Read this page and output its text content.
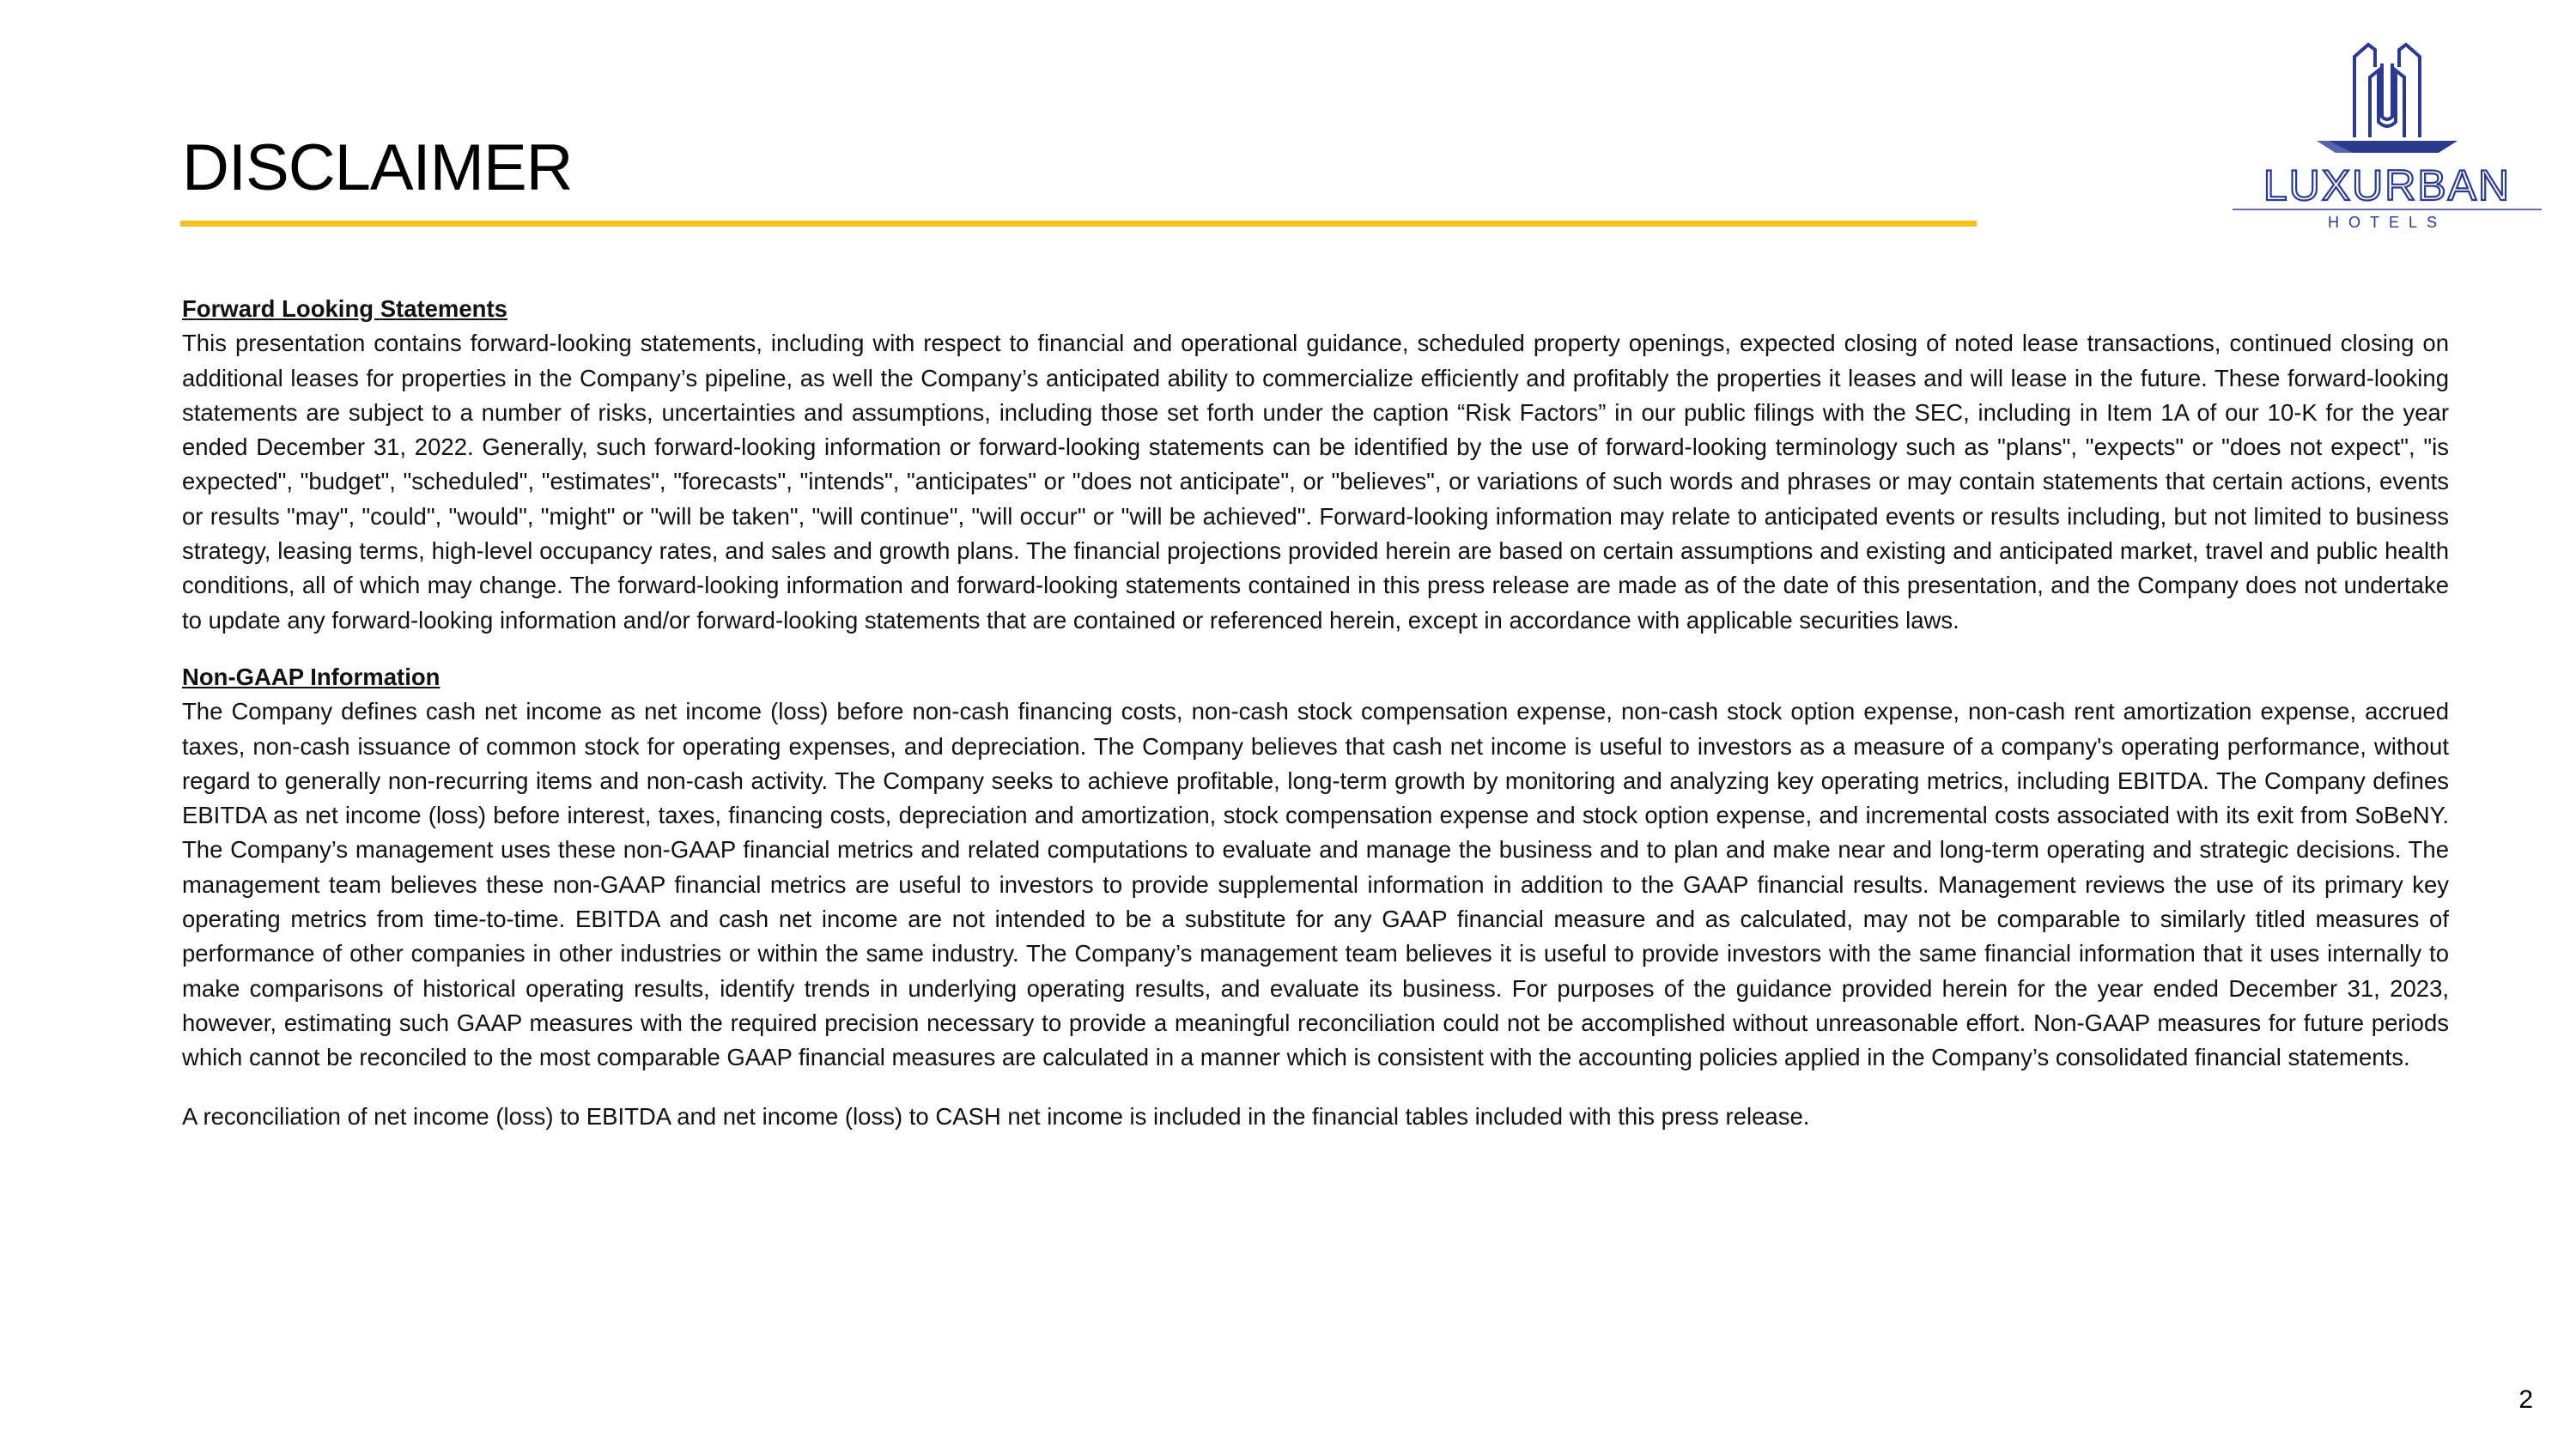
DISCLAIMER	LUXURBAN
HOTELS

Forward Looking Statements

This presentation contains forward-looking statements, including with respect to financial and operational guidance, scheduled property openings, expected closing of noted lease transactions, continued closing on additional leases for properties in the Company’s pipeline, as well the Company’s anticipated ability to commercialize efficiently and profitably the properties it leases and will lease in the future. These forward-looking statements are subject to a number of risks, uncertainties and assumptions, including those set forth under the caption “Risk Factors” in our public filings with the SEC, including in Item 1A of our 10-K for the year ended December 31, 2022. Generally, such forward-looking information or forward-looking statements can be identified by the use of forward-looking terminology such as "plans", "expects" or "does not expect", "is expected", "budget", "scheduled", "estimates", "forecasts", "intends", "anticipates" or "does not anticipate", or "believes", or variations of such words and phrases or may contain statements that certain actions, events or results "may", "could", "would", "might" or "will be taken", "will continue", "will occur" or "will be achieved". Forward-looking information may relate to anticipated events or results including, but not limited to business strategy, leasing terms, high-level occupancy rates, and sales and growth plans. The financial projections provided herein are based on certain assumptions and existing and anticipated market, travel and public health conditions, all of which may change. The forward-looking information and forward-looking statements contained in this press release are made as of the date of this presentation, and the Company does not undertake to update any forward-looking information and/or forward-looking statements that are contained or referenced herein, except in accordance with applicable securities laws.

Non-GAAP Information

The Company defines cash net income as net income (loss) before non-cash financing costs, non-cash stock compensation expense, non-cash stock option expense, non-cash rent amortization expense, accrued taxes, non-cash issuance of common stock for operating expenses, and depreciation. The Company believes that cash net income is useful to investors as a measure of a company's operating performance, without regard to generally non-recurring items and non-cash activity. The Company seeks to achieve profitable, long-term growth by monitoring and analyzing key operating metrics, including EBITDA. The Company defines EBITDA as net income (loss) before interest, taxes, financing costs, depreciation and amortization, stock compensation expense and stock option expense, and incremental costs associated with its exit from SoBeNY. The Company’s management uses these non-GAAP financial metrics and related computations to evaluate and manage the business and to plan and make near and long-term operating and strategic decisions. The management team believes these non-GAAP financial metrics are useful to investors to provide supplemental information in addition to the GAAP financial results. Management reviews the use of its primary key operating metrics from time-to-time. EBITDA and cash net income are not intended to be a substitute for any GAAP financial measure and as calculated, may not be comparable to similarly titled measures of performance of other companies in other industries or within the same industry. The Company’s management team believes it is useful to provide investors with the same financial information that it uses internally to make comparisons of historical operating results, identify trends in underlying operating results, and evaluate its business. For purposes of the guidance provided herein for the year ended December 31, 2023, however, estimating such GAAP measures with the required precision necessary to provide a meaningful reconciliation could not be accomplished without unreasonable effort. Non-GAAP measures for future periods which cannot be reconciled to the most comparable GAAP financial measures are calculated in a manner which is consistent with the accounting policies applied in the Company’s consolidated financial statements.

A reconciliation of net income (loss) to EBITDA and net income (loss) to CASH net income is included in the financial tables included with this press release.

2
